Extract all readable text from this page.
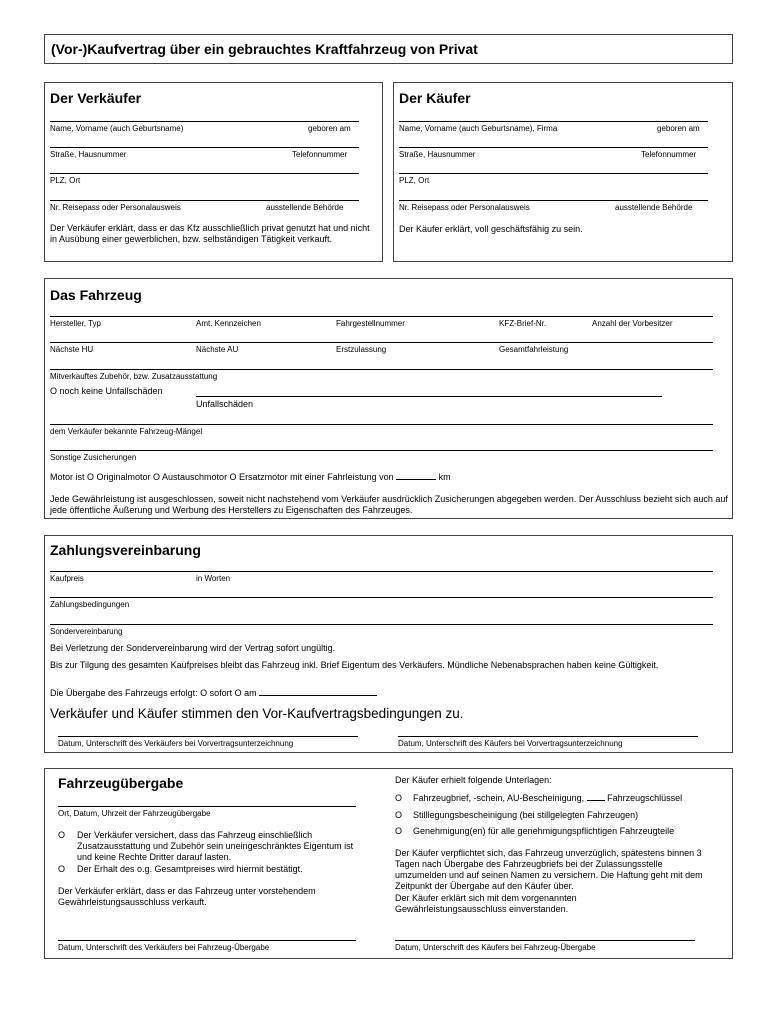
(Vor-)Kaufvertrag über ein gebrauchtes Kraftfahrzeug von Privat
Der Verkäufer
Name, Vorname (auch Geburtsname)	geboren am
Straße, Hausnummer	Telefonnummer
PLZ, Ort
Nr. Reisepass oder Personalausweis	ausstellende Behörde
Der Verkäufer erklärt, dass er das Kfz ausschließlich privat genutzt hat und nicht in Ausübung einer gewerblichen, bzw. selbständigen Tätigkeit verkauft.
Der Käufer
Name, Vorname (auch Geburtsname), Firma	geboren am
Straße, Hausnummer	Telefonnummer
PLZ, Ort
Nr. Reisepass oder Personalausweis	ausstellende Behörde
Der Käufer erklärt, voll geschäftsfähig zu sein.
Das Fahrzeug
Hersteller, Typ	Amt. Kennzeichen	Fahrgestellnummer	KFZ-Brief-Nr.	Anzahl der Vorbesitzer
Nächste HU	Nächste AU	Erstzulassung	Gesamtfahrleistung
Mitverkauftes Zubehör, bzw. Zusatzausstattung
O noch keine Unfallschäden
Unfallschäden
dem Verkäufer bekannte Fahrzeug-Mängel
Sonstige Zusicherungen
Motor ist O Originalmotor O Austauschmotor O Ersatzmotor mit einer Fahrleistung von	km
Jede Gewährleistung ist ausgeschlossen, soweit nicht nachstehend vom Verkäufer ausdrücklich Zusicherungen abgegeben werden. Der Ausschluss bezieht sich auch auf jede öffentliche Äußerung und Werbung des Herstellers zu Eigenschaften des Fahrzeuges.
Zahlungsvereinbarung
Kaufpreis	in Worten
Zahlungsbedingungen
Sondervereinbarung
Bei Verletzung der Sondervereinbarung wird der Vertrag sofort ungültig.
Bis zur Tilgung des gesamten Kaufpreises bleibt das Fahrzeug inkl. Brief Eigentum des Verkäufers. Mündliche Nebenabsprachen haben keine Gültigkeit.
Die Übergabe des Fahrzeugs erfolgt: O sofort O am
Verkäufer und Käufer stimmen den Vor-Kaufvertragsbedingungen zu.
Datum, Unterschrift des Verkäufers bei Vorvertragsunterzeichnung	Datum, Unterschrift des Käufers bei Vorvertragsunterzeichnung
Fahrzeugübergabe
Ort, Datum, Uhrzeit der Fahrzeugübergabe
O Der Verkäufer versichert, dass das Fahrzeug einschließlich Zusatzausstattung und Zubehör sein uneingeschränktes Eigentum ist und keine Rechte Dritter darauf lasten.
O Der Erhalt des o.g. Gesamtpreises wird hiermit bestätigt.
Der Verkäufer erklärt, dass er das Fahrzeug unter vorstehendem Gewährleistungsausschluss verkauft.
Datum, Unterschrift des Verkäufers bei Fahrzeug-Übergabe
Der Käufer erhielt folgende Unterlagen:
O Fahrzeugbrief, -schein, AU-Bescheinigung,	Fahrzeugschlüssel
O Stilllegungsbescheinigung (bei stillgelegten Fahrzeugen)
O Genehmigung(en) für alle genehmigungspflichtigen Fahrzeugteile
Der Käufer verpflichtet sich, das Fahrzeug unverzüglich, spätestens binnen 3 Tagen nach Übergabe des Fahrzeugbriefs bei der Zulassungsstelle umzumelden und auf seinen Namen zu versichern. Die Haftung geht mit dem Zeitpunkt der Übergabe auf den Käufer über.
Der Käufer erklärt sich mit dem vorgenannten Gewährleistungsausschluss einverstanden.
Datum, Unterschrift des Käufers bei Fahrzeug-Übergabe
